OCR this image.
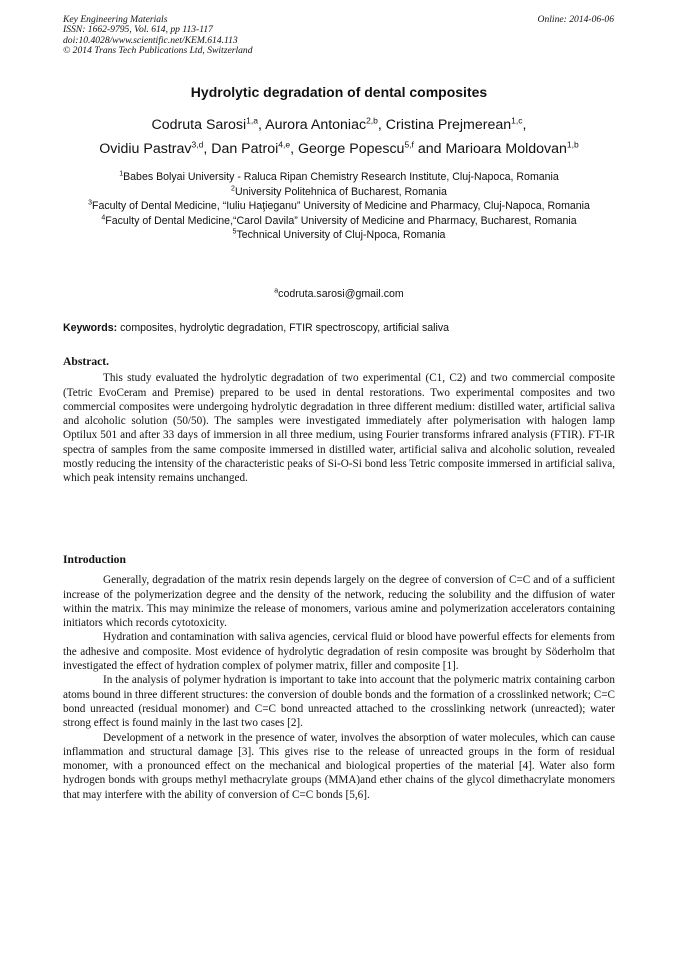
Key Engineering Materials
ISSN: 1662-9795, Vol. 614, pp 113-117
doi:10.4028/www.scientific.net/KEM.614.113
© 2014 Trans Tech Publications Ltd, Switzerland
Online: 2014-06-06
Hydrolytic degradation of dental composites
Codruta Sarosi$^{1,a}$, Aurora Antoniac$^{2,b}$, Cristina Prejmerean$^{1,c}$,
Ovidiu Pastrav$^{3,d}$, Dan Patroi$^{4,e}$, George Popescu$^{5,f}$ and Marioara Moldovan$^{1,b}$
$^1$Babes Bolyai University - Raluca Ripan Chemistry Research Institute, Cluj-Napoca, Romania
$^2$University Politehnica of Bucharest, Romania
$^3$Faculty of Dental Medicine, “Iuliu Haţieganu” University of Medicine and Pharmacy, Cluj-Napoca, Romania
$^4$Faculty of Dental Medicine,“Carol Davila” University of Medicine and Pharmacy, Bucharest, Romania
$^5$Technical University of Cluj-Npoca, Romania
$^a$codruta.sarosi@gmail.com
Keywords: composites, hydrolytic degradation, FTIR spectroscopy, artificial saliva
Abstract.

This study evaluated the hydrolytic degradation of two experimental (C1, C2) and two commercial composite (Tetric EvoCeram and Premise) prepared to be used in dental restorations. Two experimental composites and two commercial composites were undergoing hydrolytic degradation in three different medium: distilled water, artificial saliva and alcoholic solution (50/50). The samples were investigated immediately after polymerisation with halogen lamp Optilux 501 and after 33 days of immersion in all three medium, using Fourier transforms infrared analysis (FTIR). FT-IR spectra of samples from the same composite immersed in distilled water, artificial saliva and alcoholic solution, revealed mostly reducing the intensity of the characteristic peaks of Si-O-Si bond less Tetric composite immersed in artificial saliva, which peak intensity remains unchanged.

Introduction

Generally, degradation of the matrix resin depends largely on the degree of conversion of C=C and of a sufficient increase of the polymerization degree and the density of the network, reducing the solubility and the diffusion of water within the matrix. This may minimize the release of monomers, various amine and polymerization accelerators containing initiators which records cytotoxicity.

Hydration and contamination with saliva agencies, cervical fluid or blood have powerful effects for elements from the adhesive and composite. Most evidence of hydrolytic degradation of resin composite was brought by Söderholm that investigated the effect of hydration complex of polymer matrix, filler and composite [1].

In the analysis of polymer hydration is important to take into account that the polymeric matrix containing carbon atoms bound in three different structures: the conversion of double bonds and the formation of a crosslinked network; C=C bond unreacted (residual monomer) and C=C bond unreacted attached to the crosslinking network (unreacted); water strong effect is found mainly in the last two cases [2].

Development of a network in the presence of water, involves the absorption of water molecules, which can cause inflammation and structural damage [3]. This gives rise to the release of unreacted groups in the form of residual monomer, with a pronounced effect on the mechanical and biological properties of the material [4]. Water also form hydrogen bonds with groups methyl methacrylate groups (MMA)and ether chains of the glycol dimethacrylate monomers that may interfere with the ability of conversion of C=C bonds [5,6].
